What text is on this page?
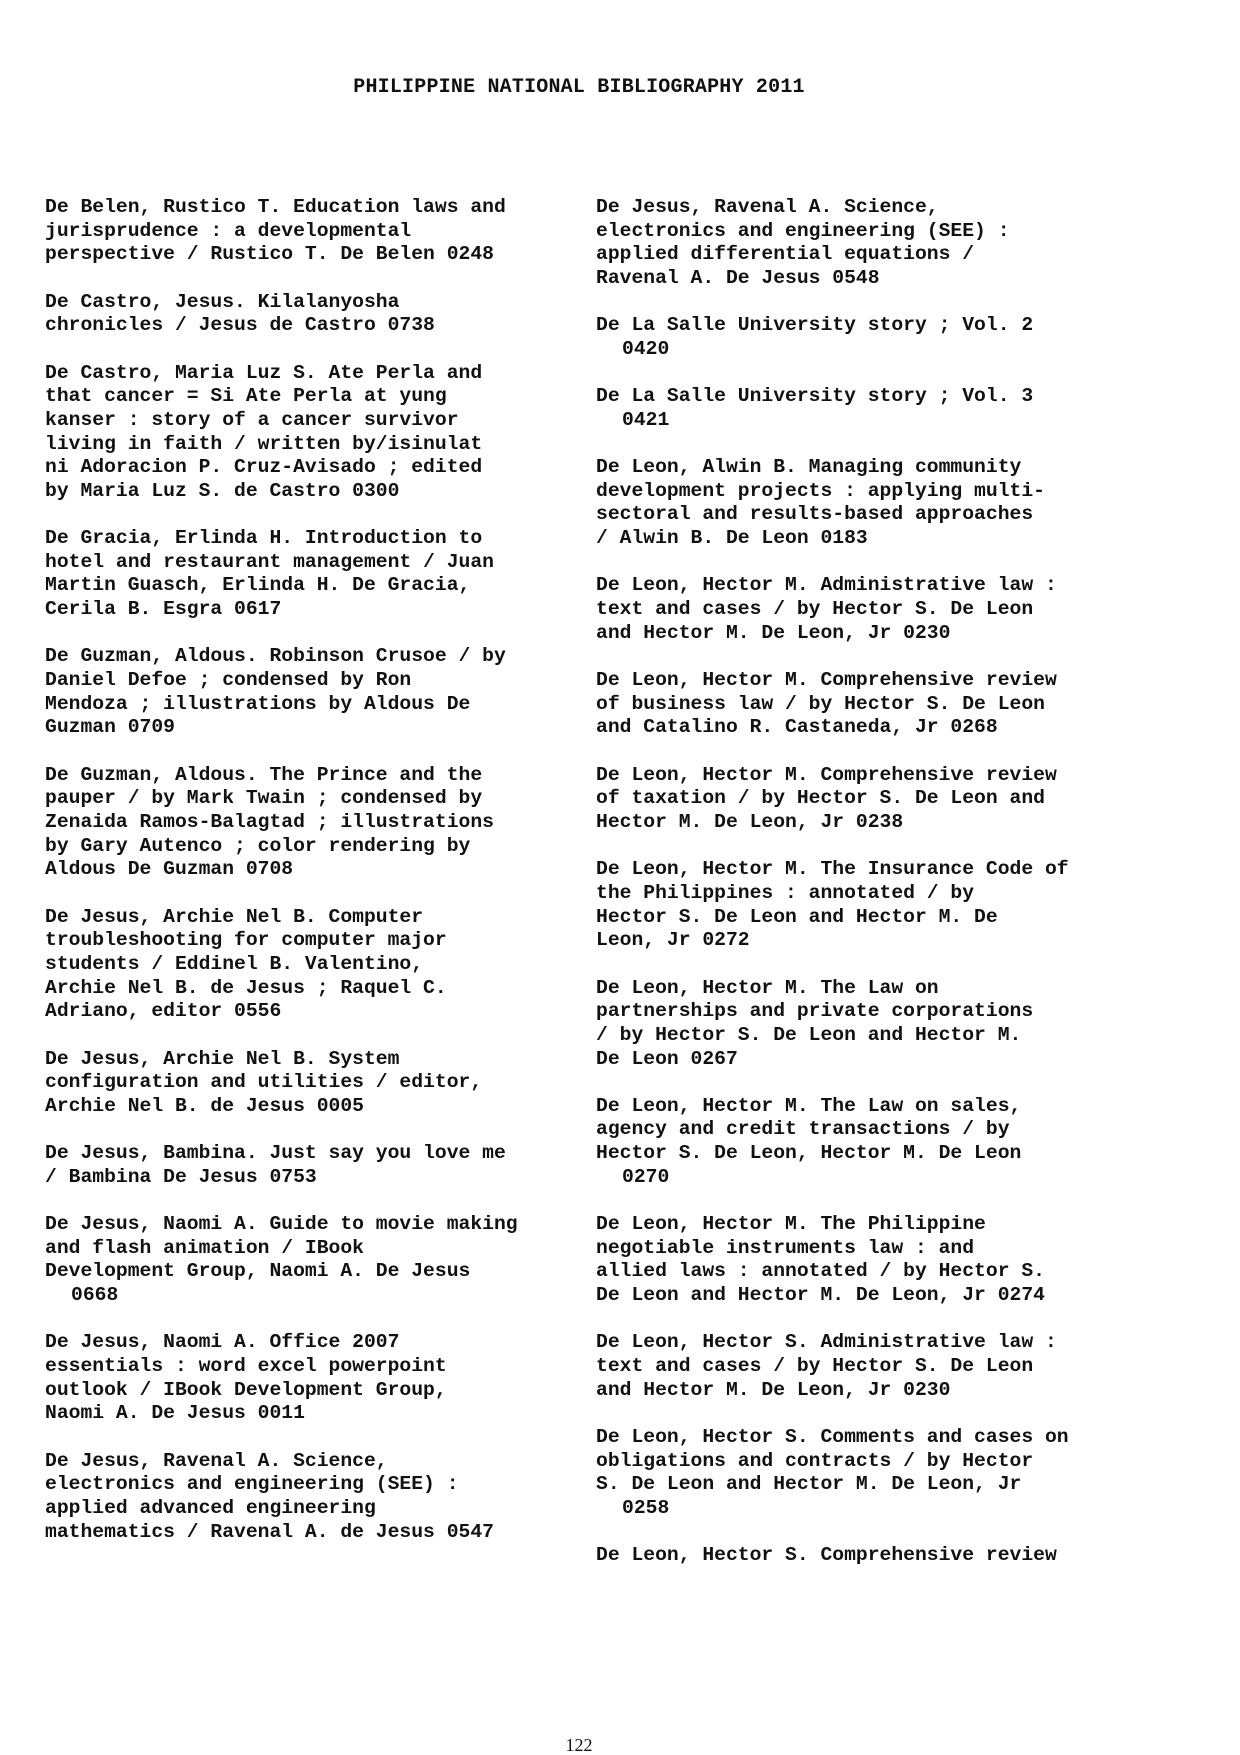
PHILIPPINE NATIONAL BIBLIOGRAPHY 2011

De Belen, Rustico T. Education laws and
jurisprudence : a developmental
perspective / Rustico T. De Belen 0248

De Castro, Jesus. Kilalanyosha
chronicles / Jesus de Castro 0738

De Castro, Maria Luz S. Ate Perla and
that cancer = Si Ate Perla at yung
kanser : story of a cancer survivor
living in faith / written by/isinulat
ni Adoracion P. Cruz-Avisado ; edited
by Maria Luz S. de Castro 0300

De Gracia, Erlinda H. Introduction to
hotel and restaurant management / Juan
Martin Guasch, Erlinda H. De Gracia,
Cerila B. Esgra 0617

De Guzman, Aldous. Robinson Crusoe / by
Daniel Defoe ; condensed by Ron
Mendoza ; illustrations by Aldous De
Guzman 0709

De Guzman, Aldous. The Prince and the
pauper / by Mark Twain ; condensed by
Zenaida Ramos-Balagtad ; illustrations
by Gary Autenco ; color rendering by
Aldous De Guzman 0708

De Jesus, Archie Nel B. Computer
troubleshooting for computer major
students / Eddinel B. Valentino,
Archie Nel B. de Jesus ; Raquel C.
Adriano, editor 0556

De Jesus, Archie Nel B. System
configuration and utilities / editor,
Archie Nel B. de Jesus 0005

De Jesus, Bambina. Just say you love me
/ Bambina De Jesus 0753

De Jesus, Naomi A. Guide to movie making
and flash animation / IBook
Development Group, Naomi A. De Jesus
0668

De Jesus, Naomi A. Office 2007
essentials : word excel powerpoint
outlook / IBook Development Group,
Naomi A. De Jesus 0011

De Jesus, Ravenal A. Science,
electronics and engineering (SEE) :
applied advanced engineering
mathematics / Ravenal A. de Jesus 0547

De Jesus, Ravenal A. Science,
electronics and engineering (SEE) :
applied differential equations /
Ravenal A. De Jesus 0548

De La Salle University story ; Vol. 2
0420

De La Salle University story ; Vol. 3
0421

De Leon, Alwin B. Managing community
development projects : applying multi-
sectoral and results-based approaches
/ Alwin B. De Leon 0183

De Leon, Hector M. Administrative law :
text and cases / by Hector S. De Leon
and Hector M. De Leon, Jr 0230

De Leon, Hector M. Comprehensive review
of business law / by Hector S. De Leon
and Catalino R. Castaneda, Jr 0268

De Leon, Hector M. Comprehensive review
of taxation / by Hector S. De Leon and
Hector M. De Leon, Jr 0238

De Leon, Hector M. The Insurance Code of
the Philippines : annotated / by
Hector S. De Leon and Hector M. De
Leon, Jr 0272

De Leon, Hector M. The Law on
partnerships and private corporations
/ by Hector S. De Leon and Hector M.
De Leon 0267

De Leon, Hector M. The Law on sales,
agency and credit transactions / by
Hector S. De Leon, Hector M. De Leon
0270

De Leon, Hector M. The Philippine
negotiable instruments law : and
allied laws : annotated / by Hector S.
De Leon and Hector M. De Leon, Jr 0274

De Leon, Hector S. Administrative law :
text and cases / by Hector S. De Leon
and Hector M. De Leon, Jr 0230

De Leon, Hector S. Comments and cases on
obligations and contracts / by Hector
S. De Leon and Hector M. De Leon, Jr
0258

De Leon, Hector S. Comprehensive review

122
